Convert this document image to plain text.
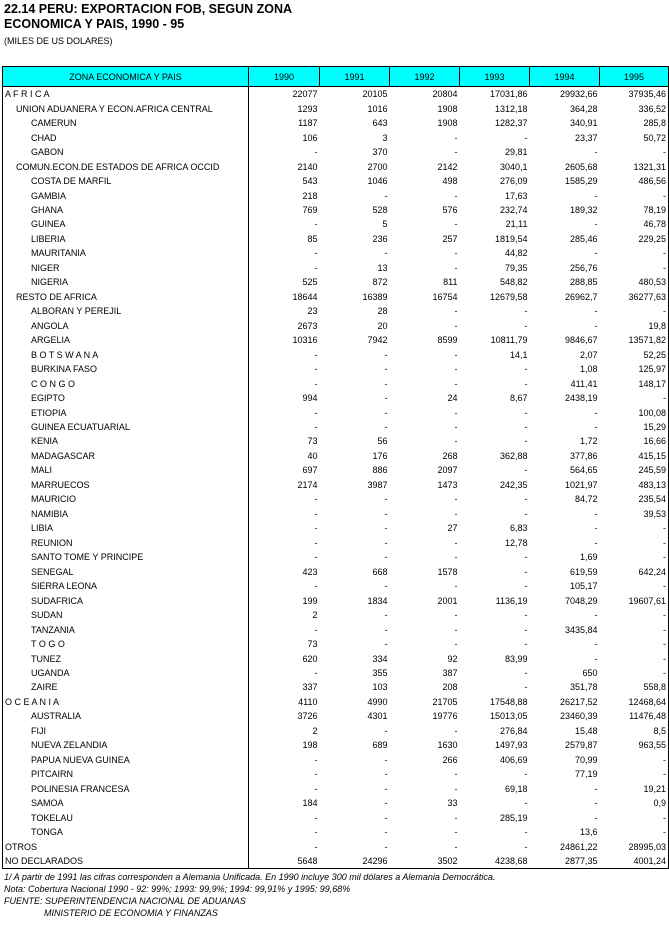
22.14 PERU: EXPORTACION FOB, SEGUN ZONA
ECONOMICA Y PAIS, 1990 - 95
(MILES DE US DOLARES)
ZONA ECONOMICA Y PAIS	1990	1991	1992	1993	1994	1995
A F R I C A	22077	20105	20804	17031,86	29932,66	37935,46
UNION ADUANERA Y ECON.AFRICA CENTRAL	1293	1016	1908	1312,18	364,28	336,52
CAMERUN	1187	643	1908	1282,37	340,91	285,8
CHAD	106	3	-	-	23,37	50,72
GABON	-	370	-	29,81	-	-
COMUN.ECON.DE ESTADOS DE AFRICA OCCID	2140	2700	2142	3040,1	2605,68	1321,31
COSTA DE MARFIL	543	1046	498	276,09	1585,29	486,56
GAMBIA	218	-	-	17,63	-	-
GHANA	769	528	576	232,74	189,32	78,19
GUINEA	-	5	-	21,11	-	46,78
LIBERIA	85	236	257	1819,54	285,46	229,25
MAURITANIA	-	-	-	44,82	-	-
NIGER	-	13	-	79,35	256,76	-
NIGERIA	525	872	811	548,82	288,85	480,53
RESTO DE AFRICA	18644	16389	16754	12679,58	26962,7	36277,63
ALBORAN Y PEREJIL	23	28	-	-	-	-
ANGOLA	2673	20	-	-	-	19,8
ARGELIA	10316	7942	8599	10811,79	9846,67	13571,82
B O T S W A N A	-	-	-	14,1	2,07	52,25
BURKINA FASO	-	-	-	-	1,08	125,97
C O N G O	-	-	-	-	411,41	148,17
EGIPTO	994	-	24	8,67	2438,19	-
ETIOPIA	-	-	-	-	-	100,08
GUINEA ECUATUARIAL	-	-	-	-	-	15,29
KENIA	73	56	-	-	1,72	16,66
MADAGASCAR	40	176	268	362,88	377,86	415,15
MALI	697	886	2097	-	564,65	245,59
MARRUECOS	2174	3987	1473	242,35	1021,97	483,13
MAURICIO	-	-	-	-	84,72	235,54
NAMIBIA	-	-	-	-	-	39,53
LIBIA	-	-	27	6,83	-	-
REUNION	-	-	-	12,78	-	-
SANTO TOME Y PRINCIPE	-	-	-	-	1,69	-
SENEGAL	423	668	1578	-	619,59	642,24
SIERRA LEONA	-	-	-	-	105,17	-
SUDAFRICA	199	1834	2001	1136,19	7048,29	19607,61
SUDAN	2	-	-	-	-	-
TANZANIA	-	-	-	-	3435,84	-
T O G O	73	-	-	-	-	-
TUNEZ	620	334	92	83,99	-	-
UGANDA	-	355	387	-	650	-
ZAIRE	337	103	208	-	351,78	558,8
O C E A N I A	4110	4990	21705	17548,88	26217,52	12468,64
AUSTRALIA	3726	4301	19776	15013,05	23460,39	11476,48
FIJI	2	-	-	276,84	15,48	8,5
NUEVA ZELANDIA	198	689	1630	1497,93	2579,87	963,55
PAPUA NUEVA GUINEA	-	-	266	406,69	70,99	-
PITCAIRN	-	-	-	-	77,19	-
POLINESIA FRANCESA	-	-	-	69,18	-	19,21
SAMOA	184	-	33	-	-	0,9
TOKELAU	-	-	-	285,19	-	-
TONGA	-	-	-	-	13,6	-
OTROS	-	-	-	-	24861,22	28995,03
NO DECLARADOS	5648	24296	3502	4238,68	2877,35	4001,24
1/ A partir de 1991 las cifras corresponden a Alemania Unificada. En 1990 incluye 300 mil dólares a Alemania Democrática.
Nota: Cobertura Nacional 1990 - 92: 99%; 1993: 99,9%; 1994: 99,91% y 1995: 99,68%
FUENTE: SUPERINTENDENCIA NACIONAL DE ADUANAS
MINISTERIO DE ECONOMIA Y FINANZAS
